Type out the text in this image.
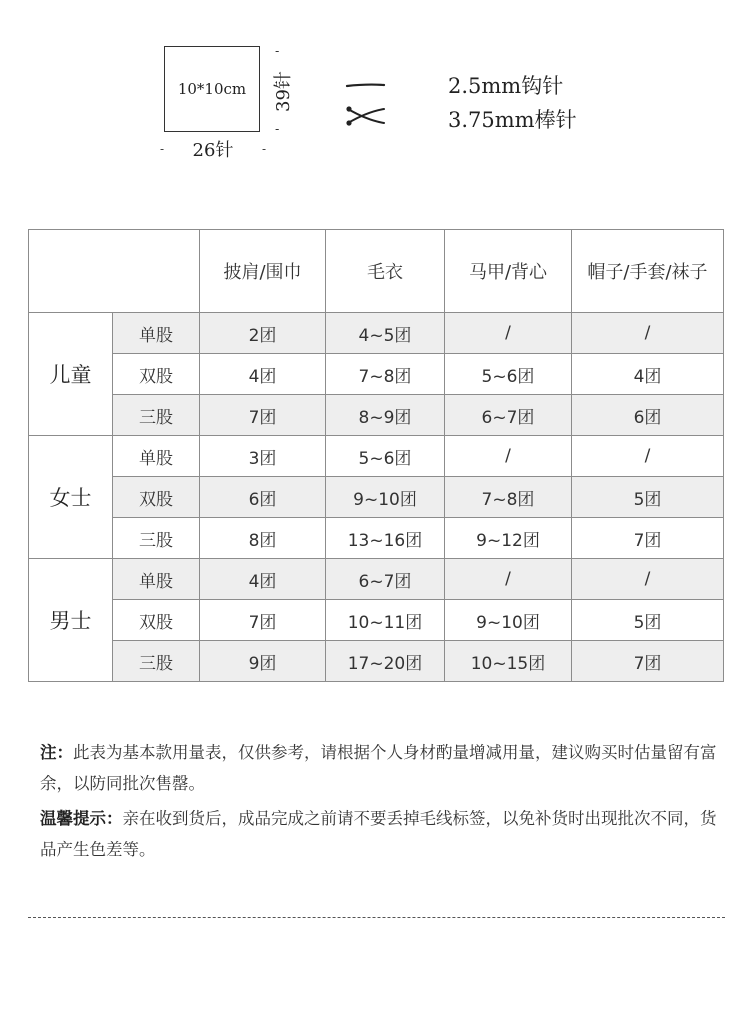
10*10cm
-
39针
-
- 26针 -
2.5mm钩针
3.75mm棒针
		披肩/围巾	毛衣	马甲/背心	帽子/手套/袜子
儿童	单股	2团	4~5团	/	/
	双股	4团	7~8团	5~6团	4团
	三股	7团	8~9团	6~7团	6团
女士	单股	3团	5~6团	/	/
	双股	6团	9~10团	7~8团	5团
	三股	8团	13~16团	9~12团	7团
男士	单股	4团	6~7团	/	/
	双股	7团	10~11团	9~10团	5团
	三股	9团	17~20团	10~15团	7团

注：此表为基本款用量表，仅供参考，请根据个人身材酌量增减用量，建议购买时估量留有富余，以防同批次售罄。

温馨提示：亲在收到货后，成品完成之前请不要丢掉毛线标签，以免补货时出现批次不同，货品产生色差等。
